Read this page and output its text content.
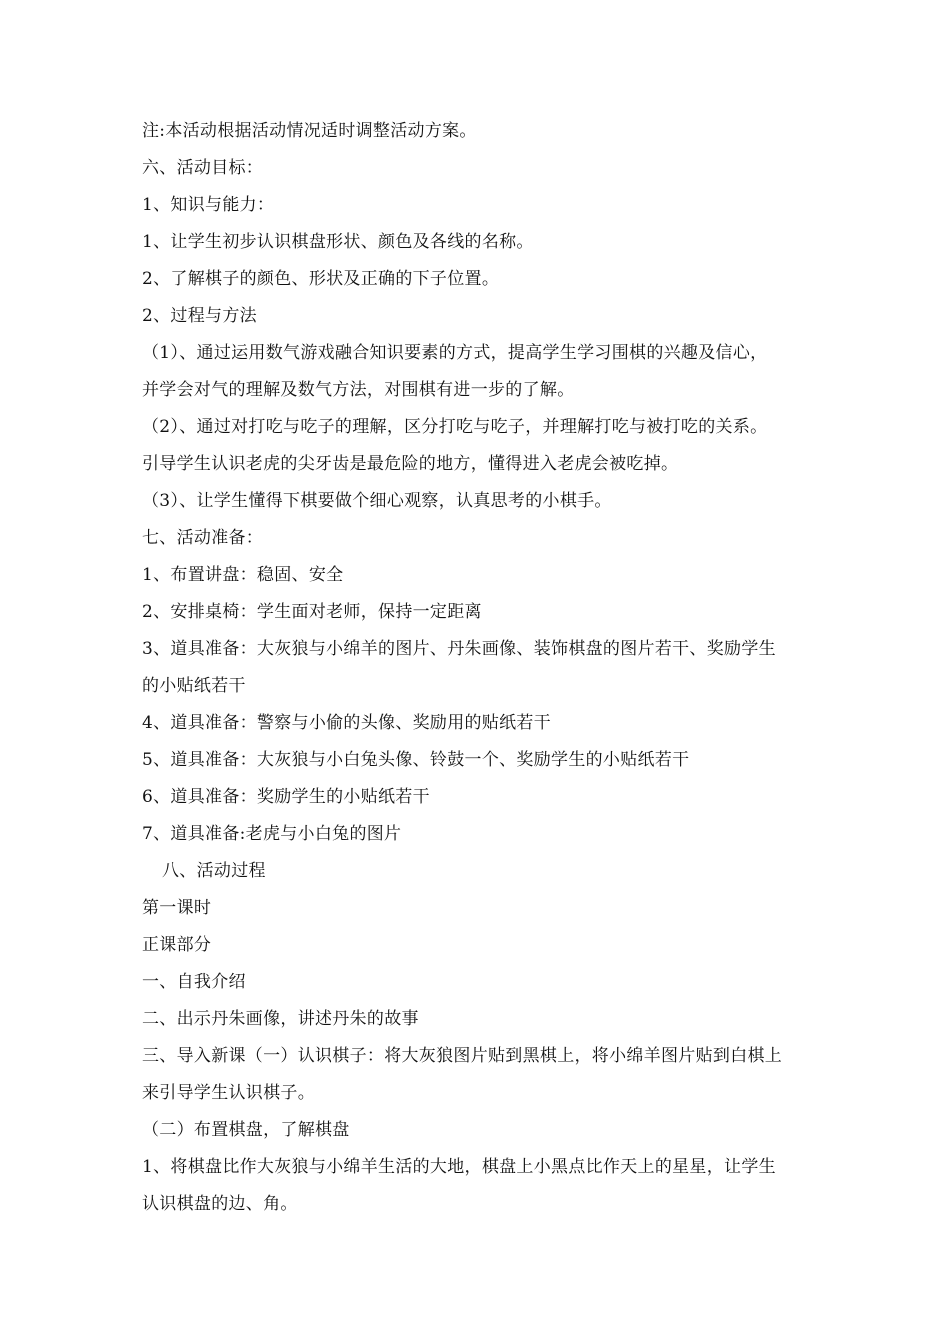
注:本活动根据活动情况适时调整活动方案。
六、活动目标：
1、知识与能力：
1、让学生初步认识棋盘形状、颜色及各线的名称。
2、了解棋子的颜色、形状及正确的下子位置。
2、过程与方法
（1）、通过运用数气游戏融合知识要素的方式，提高学生学习围棋的兴趣及信心，
并学会对气的理解及数气方法，对围棋有进一步的了解。
（2）、通过对打吃与吃子的理解，区分打吃与吃子，并理解打吃与被打吃的关系。
引导学生认识老虎的尖牙齿是最危险的地方，懂得进入老虎会被吃掉。
（3）、让学生懂得下棋要做个细心观察，认真思考的小棋手。
七、活动准备：
1、布置讲盘：稳固、安全
2、安排桌椅：学生面对老师，保持一定距离
3、道具准备：大灰狼与小绵羊的图片、丹朱画像、装饰棋盘的图片若干、奖励学生
的小贴纸若干
4、道具准备：警察与小偷的头像、奖励用的贴纸若干
5、道具准备：大灰狼与小白兔头像、铃鼓一个、奖励学生的小贴纸若干
6、道具准备：奖励学生的小贴纸若干
7、道具准备:老虎与小白兔的图片
八、活动过程
第一课时
正课部分
一、自我介绍
二、出示丹朱画像，讲述丹朱的故事
三、导入新课（一）认识棋子：将大灰狼图片贴到黑棋上，将小绵羊图片贴到白棋上
来引导学生认识棋子。
（二）布置棋盘，了解棋盘
1、将棋盘比作大灰狼与小绵羊生活的大地，棋盘上小黑点比作天上的星星，让学生
认识棋盘的边、角。
